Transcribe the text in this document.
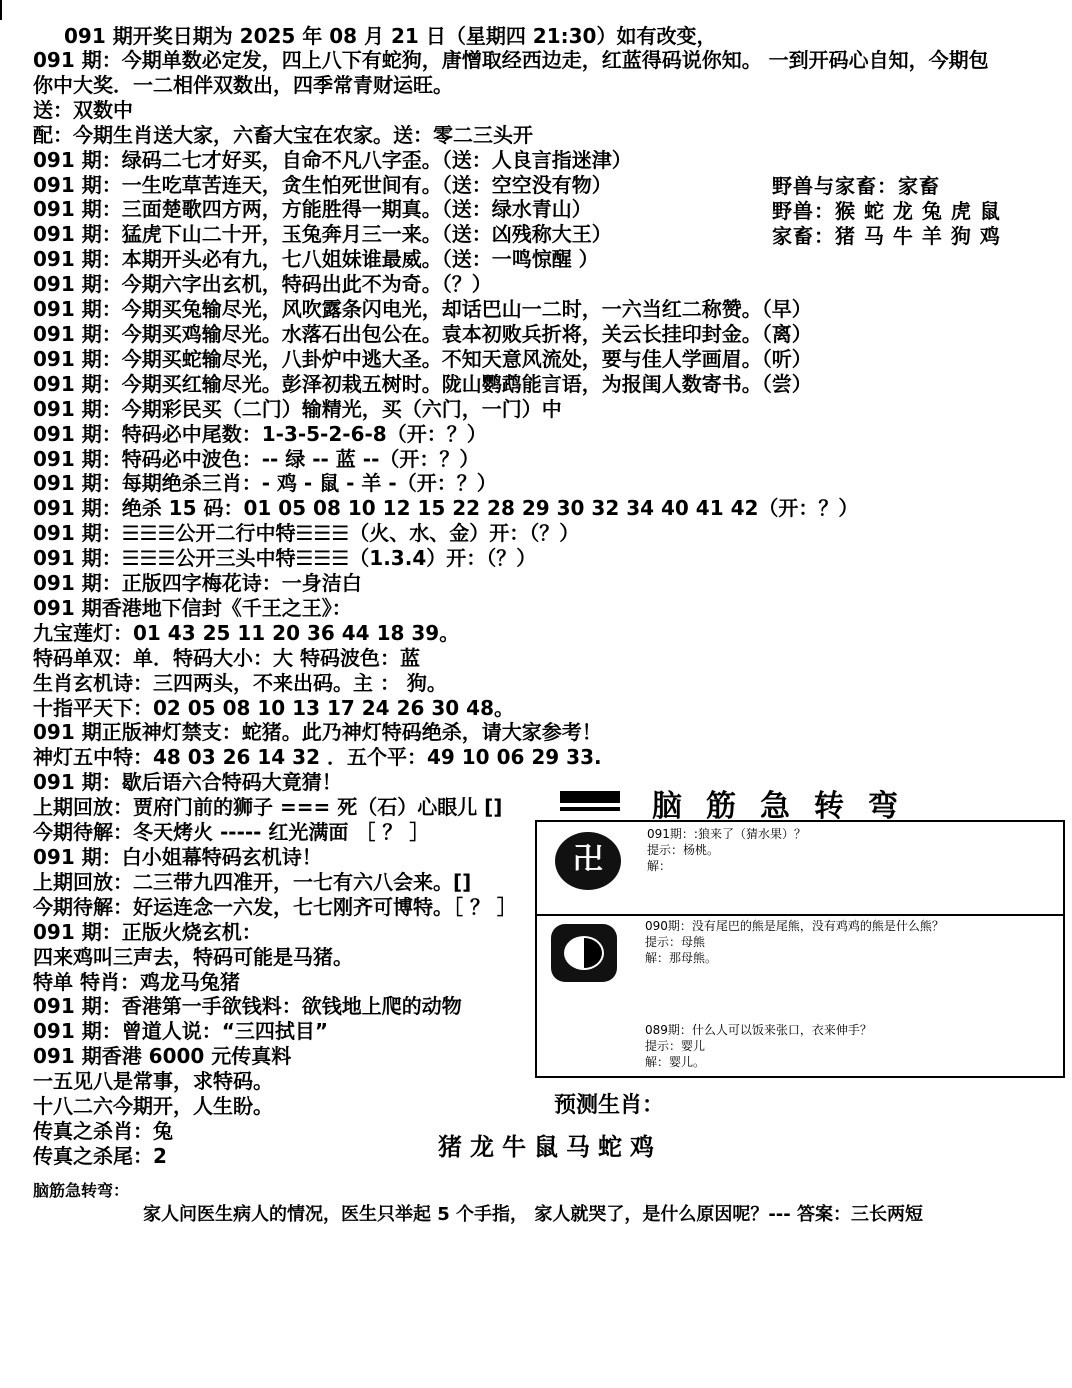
091 期开奖日期为 2025 年 08 月 21 日（星期四 21:30）如有改变，
091 期：今期单数必定发，四上八下有蛇狗，唐憎取经西边走，红蓝得码说你知。 一到开码心自知，今期包
你中大奖．一二相伴双数出，四季常青财运旺。
送：双数中
配：今期生肖送大家，六畜大宝在农家。送：零二三头开
091 期：绿码二七才好买，自命不凡八字歪。（送：人良言指迷津）
091 期：一生吃草苦连天，贪生怕死世间有。（送：空空没有物）
091 期：三面楚歌四方两，方能胜得一期真。（送：绿水青山）
091 期：猛虎下山二十开，玉兔奔月三一来。（送：凶残称大王）
091 期：本期开头必有九，七八姐妹谁最威。（送：一鸣惊醒 ）
091 期：今期六字出玄机，特码出此不为奇。（？）
091 期：今期买兔输尽光，风吹露条闪电光，却话巴山一二时，一六当红二称赞。（早）
091 期：今期买鸡输尽光。水落石出包公在。袁本初败兵折将，关云长挂印封金。（离）
091 期：今期买蛇输尽光，八卦炉中逃大圣。不知天意风流处，要与佳人学画眉。（听）
091 期：今期买红输尽光。彭泽初栽五树时。陇山鹦鹉能言语，为报闺人数寄书。（尝）
091 期：今期彩民买（二门）输精光，买（六门，一门）中
091 期：特码必中尾数：1-3-5-2-6-8（开：？）
091 期：特码必中波色：-- 绿 -- 蓝 --（开：？）
091 期：每期绝杀三肖：- 鸡 - 鼠 - 羊 -（开：？）
091 期：绝杀 15 码：01 05 08 10 12 15 22 28 29 30 32 34 40 41 42（开：？）
091 期：☰☰☰公开二行中特☰☰☰（火、水、金）开：（？）
091 期：☰☰☰公开三头中特☰☰☰（1.3.4）开：（？）
091 期：正版四字梅花诗：一身洁白
091 期香港地下信封《千王之王》：
九宝莲灯：01 43 25 11 20 36 44 18 39。
特码单双：单．特码大小：大 特码波色：蓝
生肖玄机诗：三四两头，不来出码。主 ： 狗。
十指平天下：02 05 08 10 13 17 24 26 30 48。
091 期正版神灯禁支：蛇猪。此乃神灯特码绝杀，请大家参考！
神灯五中特：48 03 26 14 32 ．五个平：49 10 06 29 33.
091 期：歇后语六合特码大竟猜！
上期回放：贾府门前的狮子 === 死（石）心眼儿 []
今期待解：冬天烤火 ----- 红光满面 ［ ？ ］
091 期：白小姐幕特码玄机诗！
上期回放：二三带九四准开，一七有六八会来。[]
今期待解：好运连念一六发，七七刚齐可博特。［ ？ ］
091 期：正版火烧玄机：
四来鸡叫三声去，特码可能是马猪。
特单 特肖：鸡龙马兔猪
091 期：香港第一手欲钱料：欲钱地上爬的动物
091 期：曾道人说：“三四拭目”
091 期香港 6000 元传真料
一五见八是常事，求特码。
十八二六今期开，人生盼。
传真之杀肖：兔
传真之杀尾：2
野兽与家畜：家畜
野兽：猴 蛇 龙 兔 虎 鼠
家畜：猪 马 牛 羊 狗 鸡
脑筋急转弯
卍
091期：:狼来了（猜水果）？
提示：杨桃。
解：
090期：没有尾巴的熊是尾熊，没有鸡鸡的熊是什么熊？
提示：母熊
解：那母熊。
089期：什么人可以饭来张口，衣来伸手？
提示：婴儿
解：婴儿。
预测生肖：
猪龙牛鼠马蛇鸡
脑筋急转弯：
家人问医生病人的情况，医生只举起 5 个手指， 家人就哭了，是什么原因呢？--- 答案：三长两短
